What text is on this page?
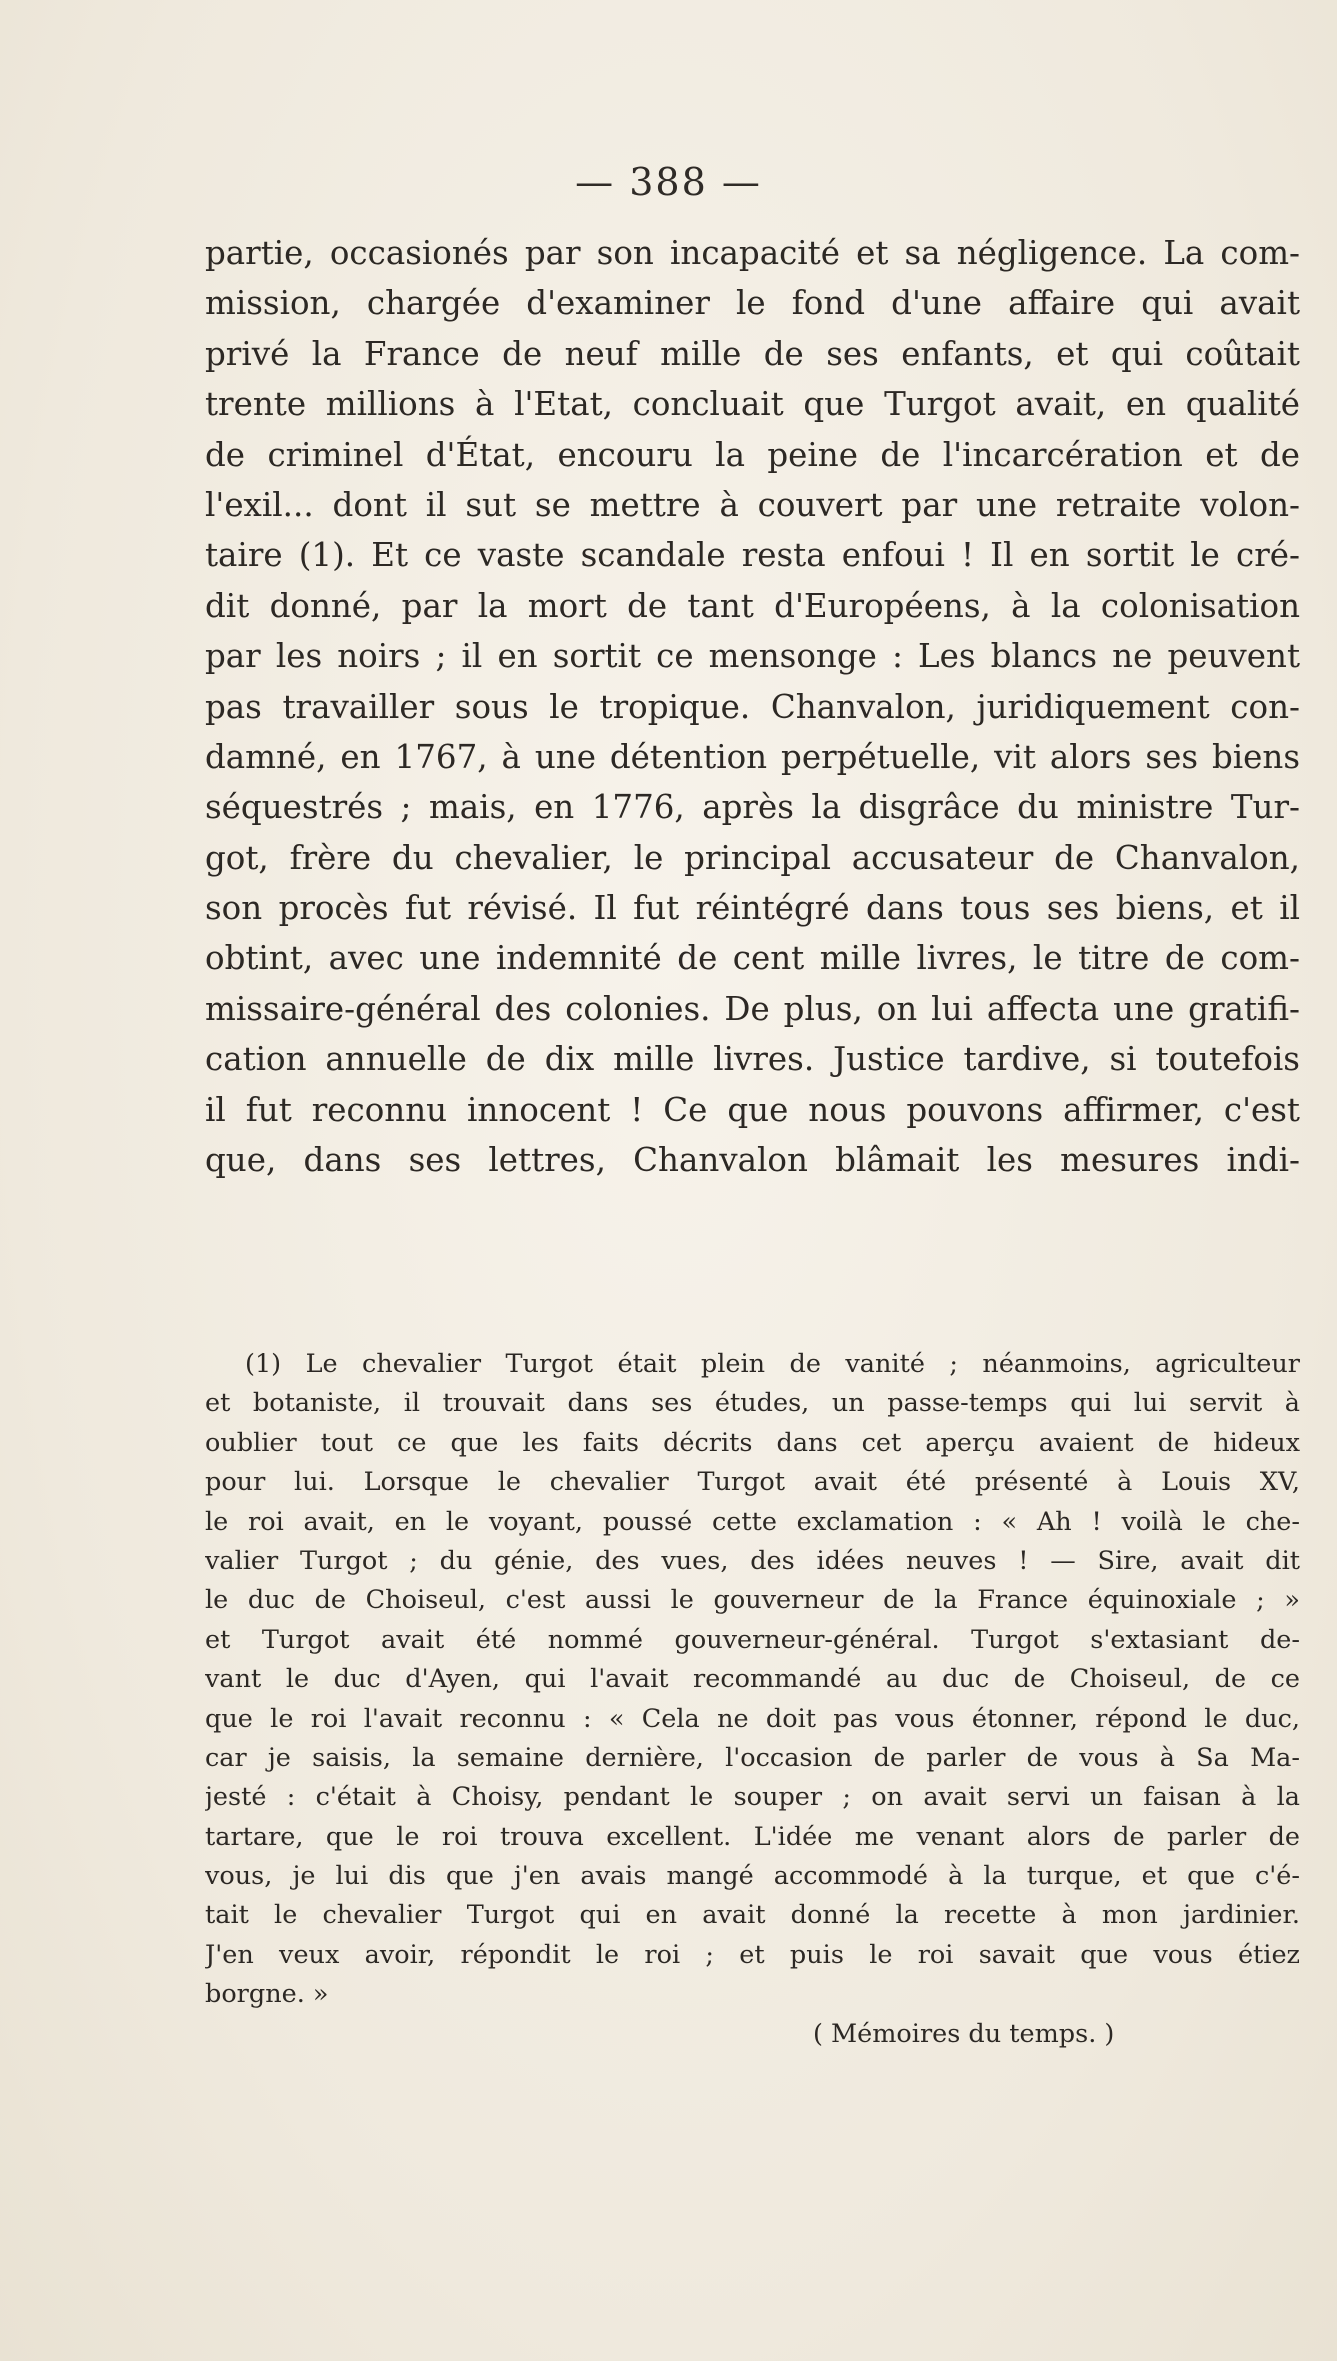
— 388 —
partie, occasionés par son incapacité et sa négligence. La com-
mission, chargée d'examiner le fond d'une affaire qui avait
privé la France de neuf mille de ses enfants, et qui coûtait
trente millions à l'Etat, concluait que Turgot avait, en qualité
de criminel d'État, encouru la peine de l'incarcération et de
l'exil... dont il sut se mettre à couvert par une retraite volon-
taire (1). Et ce vaste scandale resta enfoui ! Il en sortit le cré-
dit donné, par la mort de tant d'Européens, à la colonisation
par les noirs ; il en sortit ce mensonge : Les blancs ne peuvent
pas travailler sous le tropique. Chanvalon, juridiquement con-
damné, en 1767, à une détention perpétuelle, vit alors ses biens
séquestrés ; mais, en 1776, après la disgrâce du ministre Tur-
got, frère du chevalier, le principal accusateur de Chanvalon,
son procès fut révisé. Il fut réintégré dans tous ses biens, et il
obtint, avec une indemnité de cent mille livres, le titre de com-
missaire-général des colonies. De plus, on lui affecta une gratifi-
cation annuelle de dix mille livres. Justice tardive, si toutefois
il fut reconnu innocent ! Ce que nous pouvons affirmer, c'est
que, dans ses lettres, Chanvalon blâmait les mesures indi-
(1) Le chevalier Turgot était plein de vanité ; néanmoins, agriculteur
et botaniste, il trouvait dans ses études, un passe-temps qui lui servit à
oublier tout ce que les faits décrits dans cet aperçu avaient de hideux
pour lui. Lorsque le chevalier Turgot avait été présenté à Louis XV,
le roi avait, en le voyant, poussé cette exclamation : « Ah ! voilà le che-
valier Turgot ; du génie, des vues, des idées neuves ! — Sire, avait dit
le duc de Choiseul, c'est aussi le gouverneur de la France équinoxiale ; »
et Turgot avait été nommé gouverneur-général. Turgot s'extasiant de-
vant le duc d'Ayen, qui l'avait recommandé au duc de Choiseul, de ce
que le roi l'avait reconnu : « Cela ne doit pas vous étonner, répond le duc,
car je saisis, la semaine dernière, l'occasion de parler de vous à Sa Ma-
jesté : c'était à Choisy, pendant le souper ; on avait servi un faisan à la
tartare, que le roi trouva excellent. L'idée me venant alors de parler de
vous, je lui dis que j'en avais mangé accommodé à la turque, et que c'é-
tait le chevalier Turgot qui en avait donné la recette à mon jardinier.
J'en veux avoir, répondit le roi ; et puis le roi savait que vous étiez
borgne. »
( Mémoires du temps. )
